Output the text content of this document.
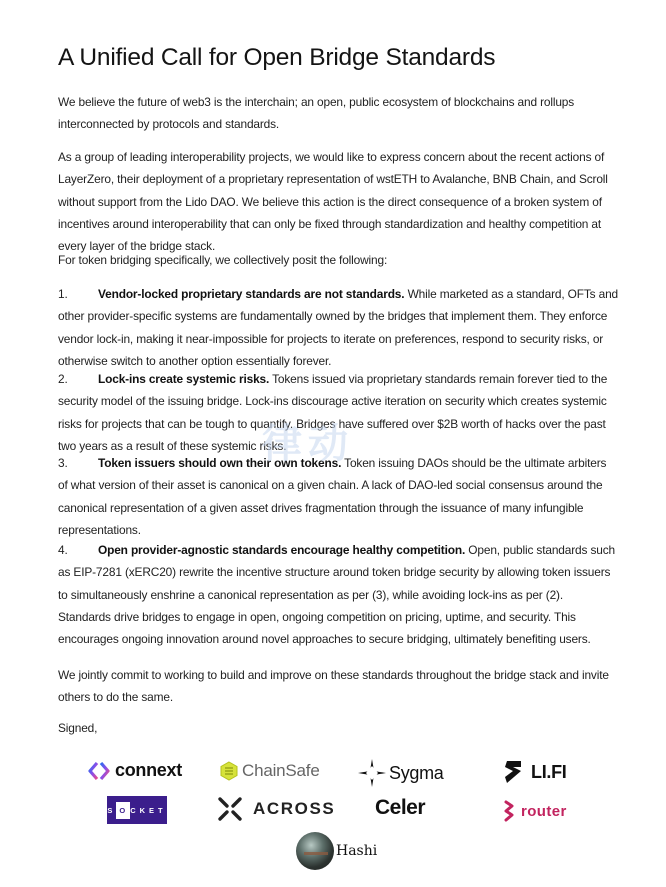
A Unified Call for Open Bridge Standards

We believe the future of web3 is the interchain; an open, public ecosystem of blockchains and rollups interconnected by protocols and standards.

As a group of leading interoperability projects, we would like to express concern about the recent actions of LayerZero, their deployment of a proprietary representation of wstETH to Avalanche, BNB Chain, and Scroll without support from the Lido DAO. We believe this action is the direct consequence of a broken system of incentives around interoperability that can only be fixed through standardization and healthy competition at every layer of the bridge stack.

For token bridging specifically, we collectively posit the following:

1.	Vendor-locked proprietary standards are not standards. While marketed as a standard, OFTs and other provider-specific systems are fundamentally owned by the bridges that implement them. They enforce vendor lock-in, making it near-impossible for projects to iterate on preferences, respond to security risks, or otherwise switch to another option essentially forever.

2.	Lock-ins create systemic risks. Tokens issued via proprietary standards remain forever tied to the security model of the issuing bridge. Lock-ins discourage active iteration on security which creates systemic risks for projects that can be tough to quantify. Bridges have suffered over $2B worth of hacks over the past two years as a result of these systemic risks.

3.	Token issuers should own their own tokens. Token issuing DAOs should be the ultimate arbiters of what version of their asset is canonical on a given chain. A lack of DAO-led social consensus around the canonical representation of a given asset drives fragmentation through the issuance of many infungible representations.

4.	Open provider-agnostic standards encourage healthy competition. Open, public standards such as EIP-7281 (xERC20) rewrite the incentive structure around token bridge security by allowing token issuers to simultaneously enshrine a canonical representation as per (3), while avoiding lock-ins as per (2). Standards drive bridges to engage in open, ongoing competition on pricing, uptime, and security. This encourages ongoing innovation around novel approaches to secure bridging, ultimately benefiting users.

We jointly commit to working to build and improve on these standards throughout the bridge stack and invite others to do the same.

Signed,

律动
connext	ChainSafe	Sygma	LI.FI
S O CKET	ACROSS Celer	router
Hashi
